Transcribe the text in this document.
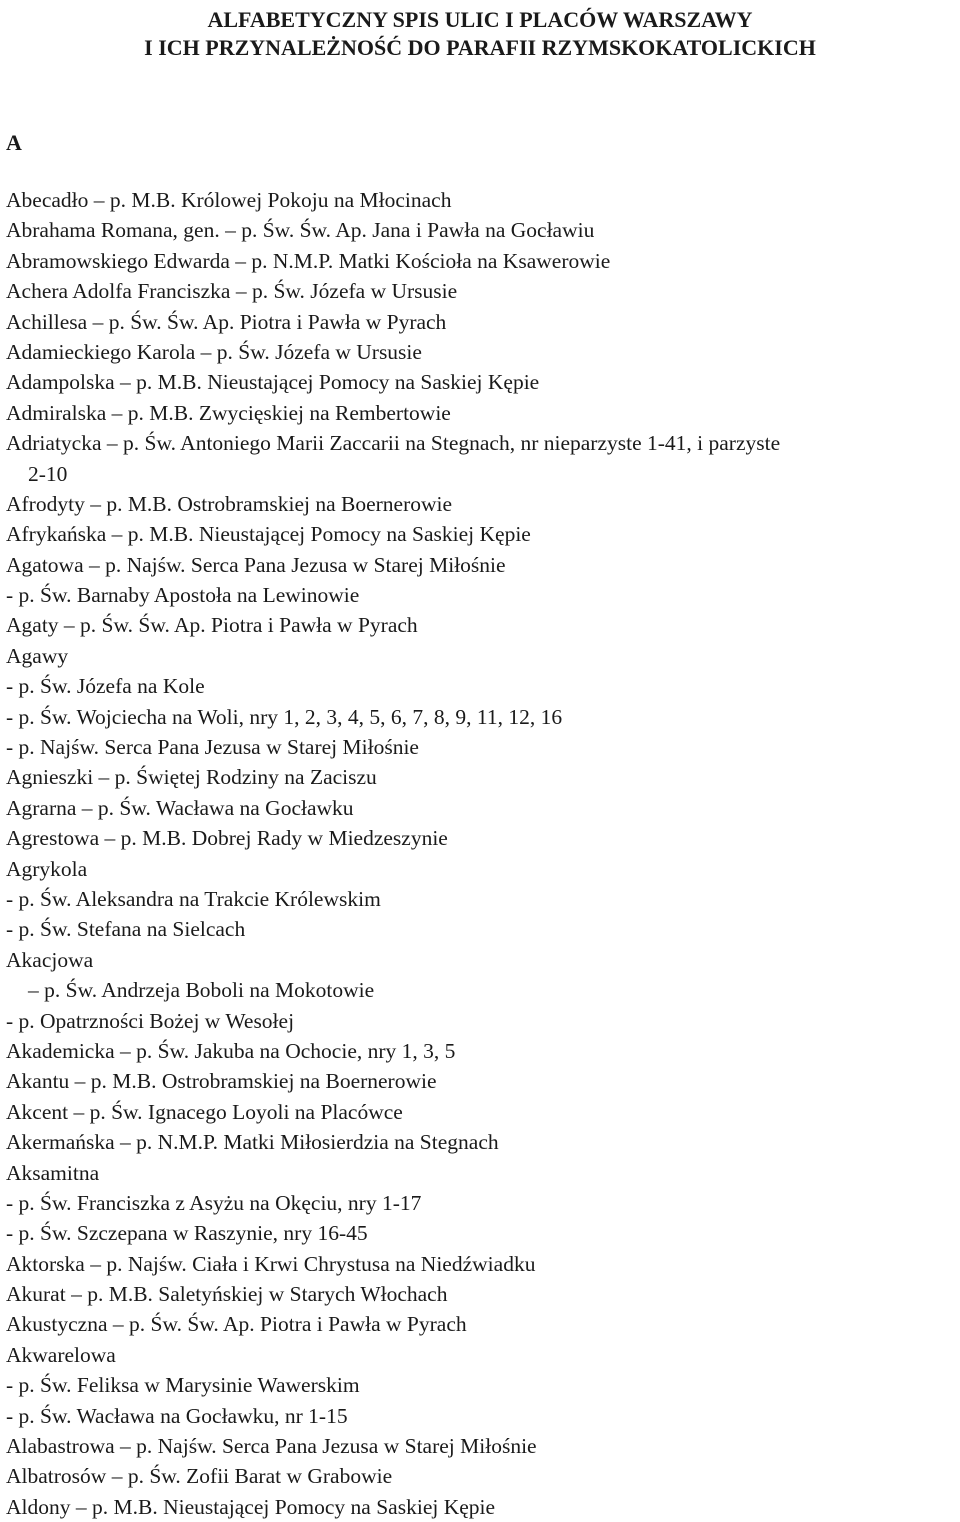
ALFABETYCZNY SPIS ULIC I PLACÓW WARSZAWY
I ICH PRZYNALEŻNOŚĆ DO PARAFII RZYMSKOKATOLICKICH
A
Abecadło – p. M.B. Królowej Pokoju na Młocinach
Abrahama Romana, gen. – p. Św. Św. Ap. Jana i Pawła na Gocławiu
Abramowskiego Edwarda – p. N.M.P. Matki Kościoła na Ksawerowie
Achera Adolfa Franciszka – p. Św. Józefa w Ursusie
Achillesa – p. Św. Św. Ap. Piotra i Pawła w Pyrach
Adamieckiego Karola – p. Św. Józefa w Ursusie
Adampolska – p. M.B. Nieustającej Pomocy na Saskiej Kępie
Admiralska – p. M.B. Zwycięskiej na Rembertowie
Adriatycka – p. Św. Antoniego Marii Zaccarii na Stegnach, nr nieparzyste 1-41, i parzyste
2-10
Afrodyty – p. M.B. Ostrobramskiej na Boernerowie
Afrykańska – p. M.B. Nieustającej Pomocy na Saskiej Kępie
Agatowa – p. Najśw. Serca Pana Jezusa w Starej Miłośnie
- p. Św. Barnaby Apostoła na Lewinowie
Agaty – p. Św. Św. Ap. Piotra i Pawła w Pyrach
Agawy
- p. Św. Józefa na Kole
- p. Św. Wojciecha na Woli, nry 1, 2, 3, 4, 5, 6, 7, 8, 9, 11, 12, 16
- p. Najśw. Serca Pana Jezusa w Starej Miłośnie
Agnieszki – p. Świętej Rodziny na Zaciszu
Agrarna – p. Św. Wacława na Gocławku
Agrestowa – p. M.B. Dobrej Rady w Miedzeszynie
Agrykola
- p. Św. Aleksandra na Trakcie Królewskim
- p. Św. Stefana na Sielcach
Akacjowa
– p. Św. Andrzeja Boboli na Mokotowie
- p. Opatrzności Bożej w Wesołej
Akademicka – p. Św. Jakuba na Ochocie, nry 1, 3, 5
Akantu – p. M.B. Ostrobramskiej na Boernerowie
Akcent – p. Św. Ignacego Loyoli na Placówce
Akermańska – p. N.M.P. Matki Miłosierdzia na Stegnach
Aksamitna
- p. Św. Franciszka z Asyżu na Okęciu, nry 1-17
- p. Św. Szczepana w Raszynie, nry 16-45
Aktorska – p. Najśw. Ciała i Krwi Chrystusa na Niedźwiadku
Akurat – p. M.B. Saletyńskiej w Starych Włochach
Akustyczna – p. Św. Św. Ap. Piotra i Pawła w Pyrach
Akwarelowa
- p. Św. Feliksa w Marysinie Wawerskim
- p. Św. Wacława na Gocławku, nr 1-15
Alabastrowa – p. Najśw. Serca Pana Jezusa w Starej Miłośnie
Albatrosów – p. Św. Zofii Barat w Grabowie
Aldony – p. M.B. Nieustającej Pomocy na Saskiej Kępie
